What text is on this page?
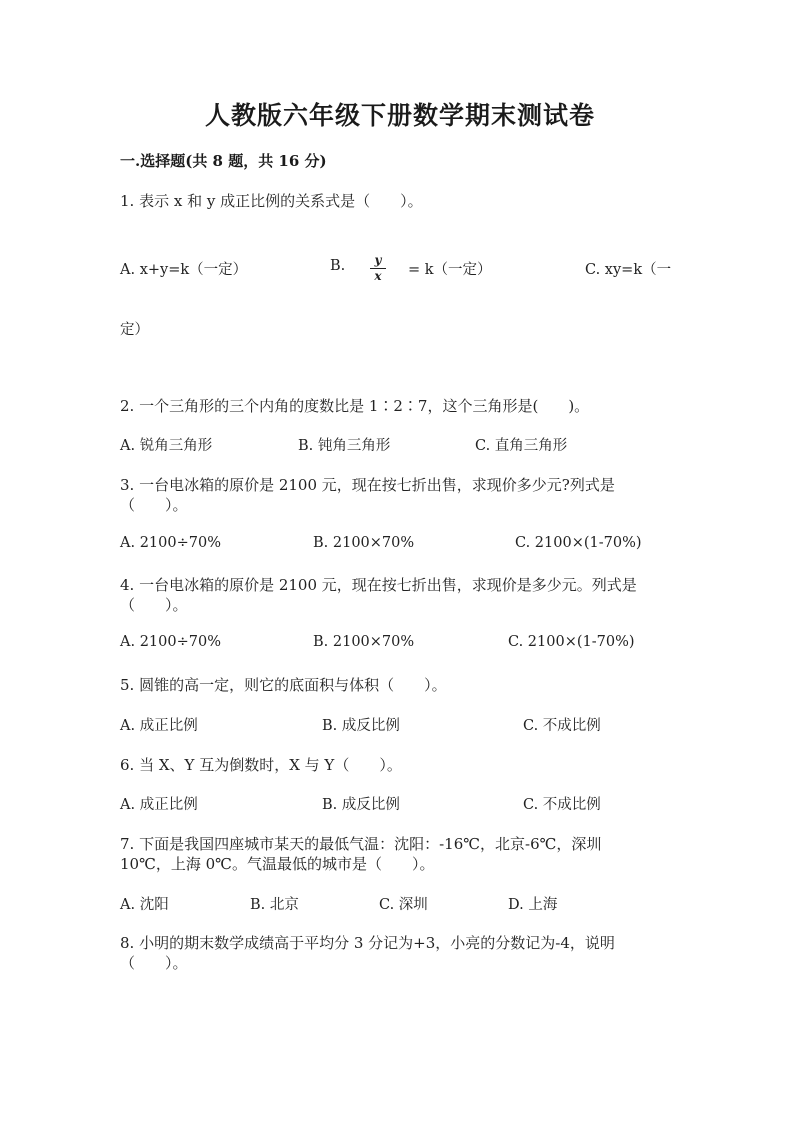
人教版六年级下册数学期末测试卷
一.选择题(共 8 题，共 16 分)
1. 表示 x 和 y 成正比例的关系式是（　　）。
A. x+y=k（一定）	B.	y
x	= k（一定）	C. xy=k（一
定）
2. 一个三角形的三个内角的度数比是 1∶2∶7，这个三角形是(　　)。
A. 锐角三角形	B. 钝角三角形	C. 直角三角形
3. 一台电冰箱的原价是 2100 元，现在按七折出售，求现价多少元?列式是
（　　）。
A. 2100÷70%	B. 2100×70%	C. 2100×(1-70%)
4. 一台电冰箱的原价是 2100 元，现在按七折出售，求现价是多少元。列式是
（　　）。
A. 2100÷70%	B. 2100×70%	C. 2100×(1-70%)
5. 圆锥的高一定，则它的底面积与体积（　　）。
A. 成正比例	B. 成反比例	C. 不成比例
6. 当 X、Y 互为倒数时，X 与 Y（　　）。
A. 成正比例	B. 成反比例	C. 不成比例
7. 下面是我国四座城市某天的最低气温：沈阳：-16℃，北京-6℃，深圳
10℃，上海 0℃。气温最低的城市是（　　）。
A. 沈阳	B. 北京	C. 深圳	D. 上海
8. 小明的期末数学成绩高于平均分 3 分记为+3，小亮的分数记为-4，说明
（　　）。
